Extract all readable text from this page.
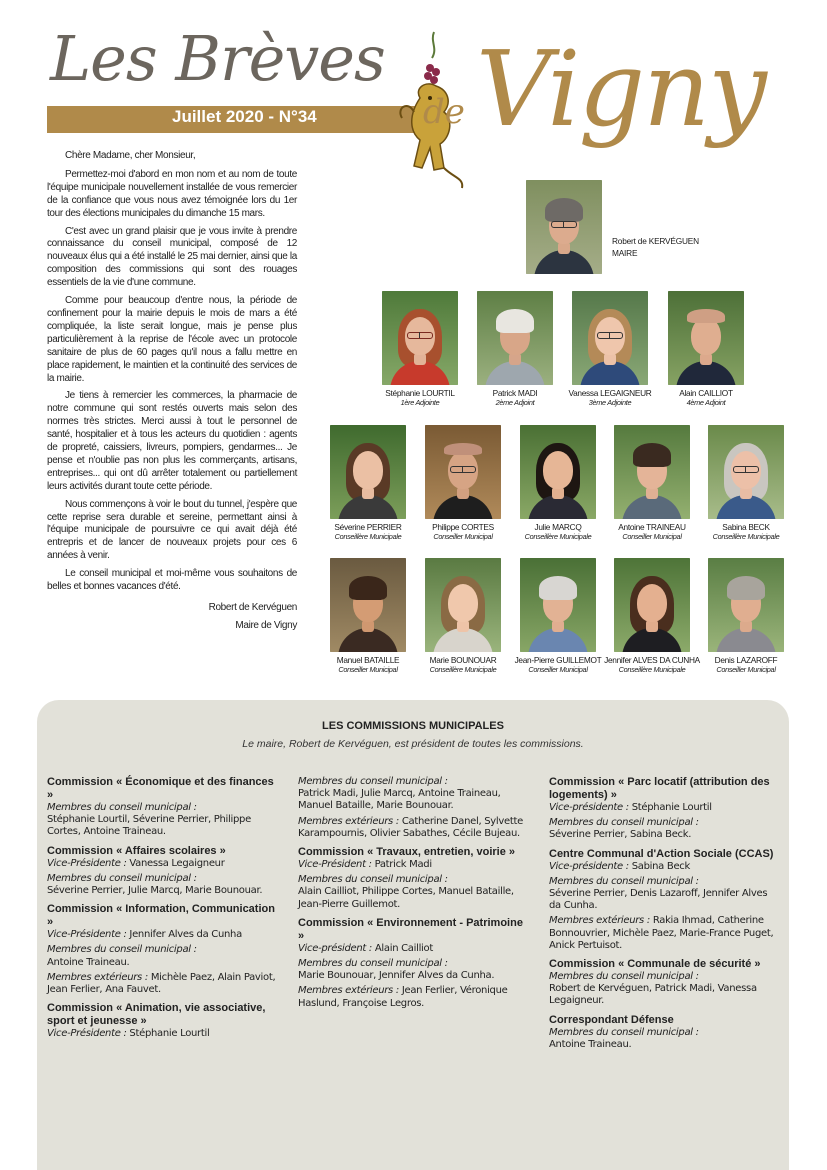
Les Brèves
Juillet 2020 - N°34	de Vigny

Chère Madame, cher Monsieur,

Permettez-moi d'abord en mon nom et au nom de toute l'équipe municipale nouvellement installée de vous remercier de la confiance que vous nous avez témoignée lors du 1er tour des élections municipales du dimanche 15 mars.

C'est avec un grand plaisir que je vous invite à prendre connaissance du conseil municipal, composé de 12 nouveaux élus qui a été installé le 25 mai dernier, ainsi que la composition des commissions qui sont des rouages essentiels de la vie d'une commune.

Comme pour beaucoup d'entre nous, la période de confinement pour la mairie depuis le mois de mars a été compliquée, la liste serait longue, mais je pense plus particulièrement à la reprise de l'école avec un protocole sanitaire de plus de 60 pages qu'il nous a fallu mettre en place rapidement, le maintien et la continuité des services de la mairie.

Je tiens à remercier les commerces, la pharmacie de notre commune qui sont restés ouverts mais selon des normes très strictes. Merci aussi à tout le personnel de santé, hospitalier et à tous les acteurs du quotidien : agents de propreté, caissiers, livreurs, pompiers, gendarmes... Je pense et n'oublie pas non plus les commerçants, artisans, entreprises... qui ont dû arrêter totalement ou partiellement leurs activités durant toute cette période.

Nous commençons à voir le bout du tunnel, j'espère que cette reprise sera durable et sereine, permettant ainsi à l'équipe municipale de poursuivre ce qui avait déjà été entrepris et de lancer de nouveaux projets pour ces 6 années à venir.

Le conseil municipal et moi-même vous souhaitons de belles et bonnes vacances d'été.

Robert de Kervéguen

Maire de Vigny

Robert de KERVÉGUEN
MAIRE
Stéphanie LOURTIL
1ère Adjointe
Patrick MADI
2ème Adjoint
Vanessa LEGAIGNEUR
3ème Adjointe
Alain CAILLIOT
4ème Adjoint
Séverine PERRIER
Conseillère Municipale
Philippe CORTES
Conseiller Municipal
Julie MARCQ
Conseillère Municipale
Antoine TRAINEAU
Conseiller Municipal
Sabina BECK
Conseillère Municipale
Manuel BATAILLE
Conseiller Municipal
Marie BOUNOUAR
Conseillère Municipale
Jean-Pierre GUILLEMOT
Conseiller Municipal
Jennifer ALVES DA CUNHA
Conseillère Municipale
Denis LAZAROFF
Conseiller Municipal
LES COMMISSIONS MUNICIPALES
Le maire, Robert de Kervéguen, est président de toutes les commissions.
Commission « Économique et des finances »
Membres du conseil municipal :
Stéphanie Lourtil, Séverine Perrier, Philippe Cortes, Antoine Traineau.
Commission « Affaires scolaires »
Vice-Présidente : Vanessa Legaigneur
Membres du conseil municipal :
Séverine Perrier, Julie Marcq, Marie Bounouar.
Commission « Information, Communication »
Vice-Présidente : Jennifer Alves da Cunha
Membres du conseil municipal :
Antoine Traineau.
Membres extérieurs : Michèle Paez, Alain Paviot, Jean Ferlier, Ana Fauvet.
Commission « Animation, vie associative, sport et jeunesse »
Vice-Présidente : Stéphanie Lourtil
Membres du conseil municipal :
Patrick Madi, Julie Marcq, Antoine Traineau, Manuel Bataille, Marie Bounouar.
Membres extérieurs : Catherine Danel, Sylvette Karampournis, Olivier Sabathes, Cécile Bujeau.
Commission « Travaux, entretien, voirie »
Vice-Président : Patrick Madi
Membres du conseil municipal :
Alain Cailliot, Philippe Cortes, Manuel Bataille, Jean-Pierre Guillemot.
Commission « Environnement - Patrimoine »
Vice-président : Alain Cailliot
Membres du conseil municipal :
Marie Bounouar, Jennifer Alves da Cunha.
Membres extérieurs : Jean Ferlier, Véronique Haslund, Françoise Legros.
Commission « Parc locatif (attribution des logements) »
Vice-présidente : Stéphanie Lourtil
Membres du conseil municipal :
Séverine Perrier, Sabina Beck.
Centre Communal d'Action Sociale (CCAS)
Vice-présidente : Sabina Beck
Membres du conseil municipal :
Séverine Perrier, Denis Lazaroff, Jennifer Alves da Cunha.
Membres extérieurs : Rakia Ihmad, Catherine Bonnouvrier, Michèle Paez, Marie-France Puget, Anick Pertuisot.
Commission « Communale de sécurité »
Membres du conseil municipal :
Robert de Kervéguen, Patrick Madi, Vanessa Legaigneur.
Correspondant Défense
Membres du conseil municipal :
Antoine Traineau.
